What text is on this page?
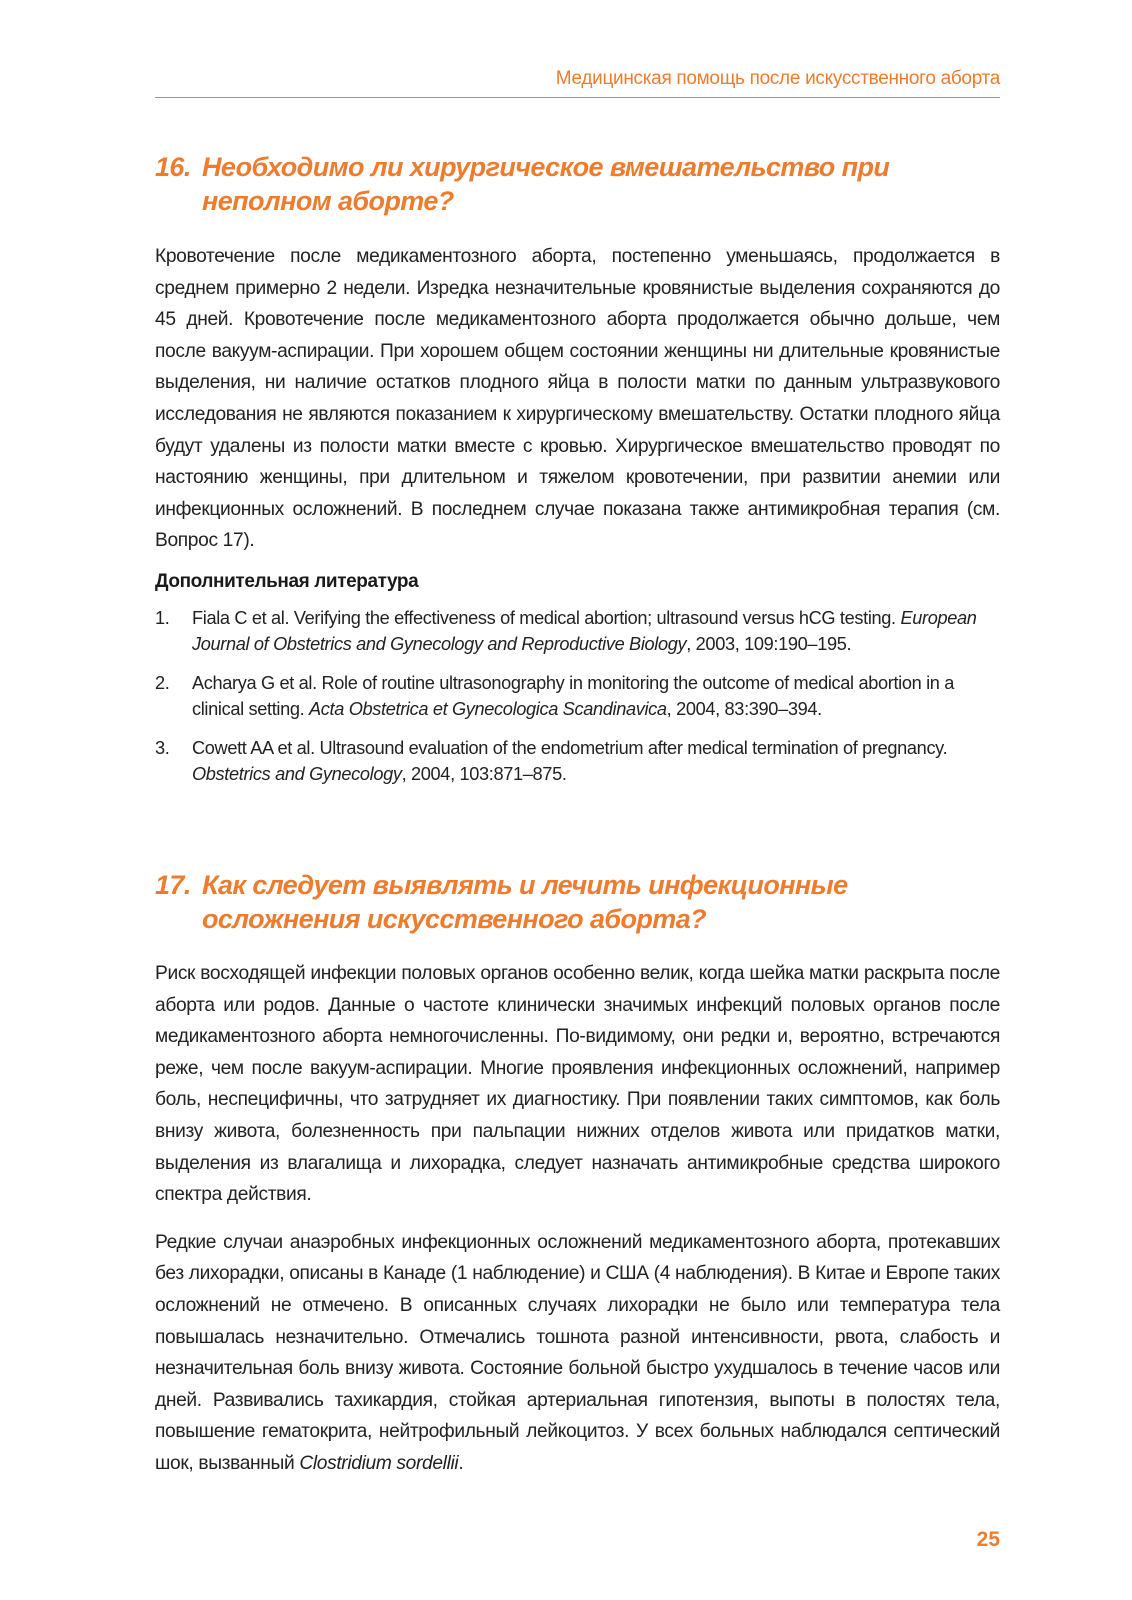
Медицинская помощь после искусственного аборта
16. Необходимо ли хирургическое вмешательство при неполном аборте?

Кровотечение после медикаментозного аборта, постепенно уменьшаясь, продолжается в среднем примерно 2 недели. Изредка незначительные кровянистые выделения сохраняются до 45 дней. Кровотечение после медикаментозного аборта продолжается обычно дольше, чем после вакуум-аспирации. При хорошем общем состоянии женщины ни длительные кровянистые выделения, ни наличие остатков плодного яйца в полости матки по данным ультразвукового исследования не являются показанием к хирургическому вмешательству. Остатки плодного яйца будут удалены из полости матки вместе с кровью. Хирургическое вмешательство проводят по настоянию женщины, при длительном и тяжелом кровотечении, при развитии анемии или инфекционных осложнений. В последнем случае показана также антимикробная терапия (см. Вопрос 17).

Дополнительная литература
1.	Fiala C et al. Verifying the effectiveness of medical abortion; ultrasound versus hCG testing. European Journal of Obstetrics and Gynecology and Reproductive Biology, 2003, 109:190–195.
2.	Acharya G et al. Role of routine ultrasonography in monitoring the outcome of medical abortion in a clinical setting. Acta Obstetrica et Gynecologica Scandinavica, 2004, 83:390–394.
3.	Cowett AA et al. Ultrasound evaluation of the endometrium after medical termination of pregnancy. Obstetrics and Gynecology, 2004, 103:871–875.
17. Как следует выявлять и лечить инфекционные осложнения искусственного аборта?

Риск восходящей инфекции половых органов особенно велик, когда шейка матки раскрыта после аборта или родов. Данные о частоте клинически значимых инфекций половых органов после медикаментозного аборта немногочисленны. По-видимому, они редки и, вероятно, встречаются реже, чем после вакуум-аспирации. Многие проявления инфекционных осложнений, например боль, неспецифичны, что затрудняет их диагностику. При появлении таких симптомов, как боль внизу живота, болезненность при пальпации нижних отделов живота или придатков матки, выделения из влагалища и лихорадка, следует назначать антимикробные средства широкого спектра действия.

Редкие случаи анаэробных инфекционных осложнений медикаментозного аборта, протекавших без лихорадки, описаны в Канаде (1 наблюдение) и США (4 наблюдения). В Китае и Европе таких осложнений не отмечено. В описанных случаях лихорадки не было или температура тела повышалась незначительно. Отмечались тошнота разной интенсивности, рвота, слабость и незначительная боль внизу живота. Состояние больной быстро ухудшалось в течение часов или дней. Развивались тахикардия, стойкая артериальная гипотензия, выпоты в полостях тела, повышение гематокрита, нейтрофильный лейкоцитоз. У всех больных наблюдался септический шок, вызванный Clostridium sordellii.

25
